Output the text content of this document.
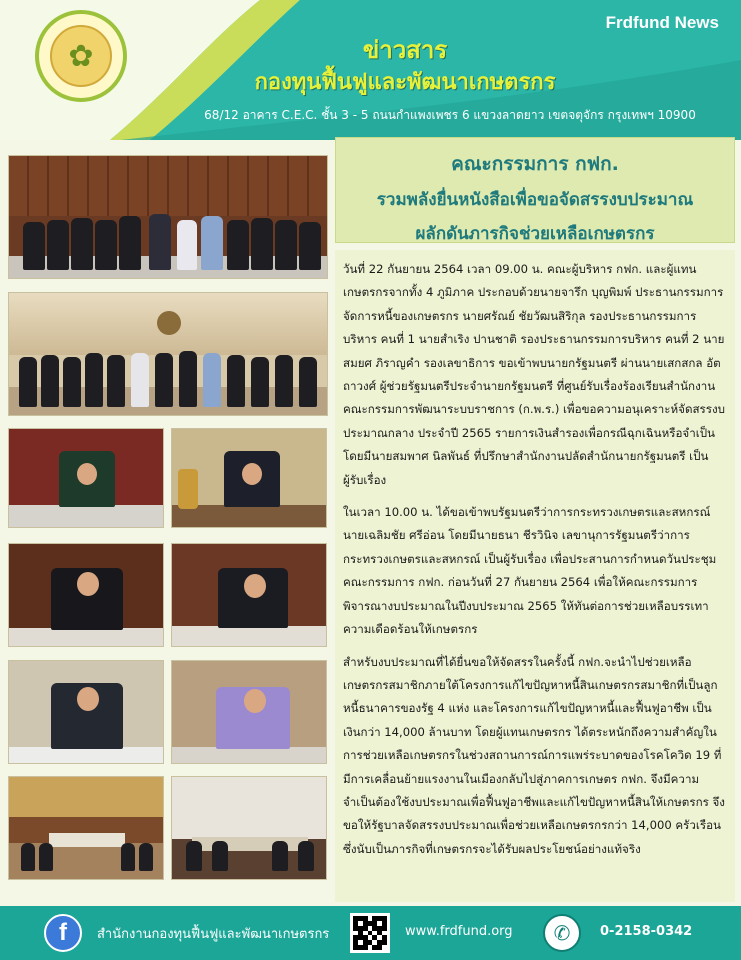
✿
Frdfund News
ข่าวสาร
กองทุนฟื้นฟูและพัฒนาเกษตรกร
68/12 อาคาร C.E.C. ชั้น 3 - 5 ถนนกำแพงเพชร 6 แขวงลาดยาว เขตจตุจักร กรุงเทพฯ 10900
คณะกรรมการ กฟก.
รวมพลังยื่นหนังสือเพื่อขอจัดสรรงบประมาณ
ผลักดันภารกิจช่วยเหลือเกษตรกร

วันที่ 22 กันยายน 2564 เวลา 09.00 น. คณะผู้บริหาร กฟก. และผู้แทนเกษตรกรจากทั้ง 4 ภูมิภาค ประกอบด้วยนายจารึก บุญพิมพ์ ประธานกรรมการจัดการหนี้ของเกษตรกร นายศรัณย์ ชัยวัฒนสิริกุล รองประธานกรรมการบริหาร คนที่ 1 นายสำเริง ปานชาติ รองประธานกรรมการบริหาร คนที่ 2 นายสมยศ ภิราญคำ รองเลขาธิการ ขอเข้าพบนายกรัฐมนตรี ผ่านนายเสกสกล อัตถาวงศ์ ผู้ช่วยรัฐมนตรีประจำนายกรัฐมนตรี ที่ศูนย์รับเรื่องร้องเรียนสำนักงานคณะกรรมการพัฒนาระบบราชการ (ก.พ.ร.) เพื่อขอความอนุเคราะห์จัดสรรงบประมาณกลาง ประจำปี 2565 รายการเงินสำรองเพื่อกรณีฉุกเฉินหรือจำเป็น โดยมีนายสมพาศ นิลพันธ์ ที่ปรึกษาสำนักงานปลัดสำนักนายกรัฐมนตรี เป็นผู้รับเรื่อง

ในเวลา 10.00 น. ได้ขอเข้าพบรัฐมนตรีว่าการกระทรวงเกษตรและสหกรณ์ นายเฉลิมชัย ศรีอ่อน โดยมีนายธนา ชีรวินิจ เลขานุการรัฐมนตรีว่าการกระทรวงเกษตรและสหกรณ์ เป็นผู้รับเรื่อง เพื่อประสานการกำหนดวันประชุมคณะกรรมการ กฟก. ก่อนวันที่ 27 กันยายน 2564 เพื่อให้คณะกรรมการพิจารณางบประมาณในปีงบประมาณ 2565 ให้ทันต่อการช่วยเหลือบรรเทาความเดือดร้อนให้เกษตรกร

สำหรับงบประมาณที่ได้ยื่นขอให้จัดสรรในครั้งนี้ กฟก.จะนำไปช่วยเหลือเกษตรกรสมาชิกภายใต้โครงการแก้ไขปัญหาหนี้สินเกษตรกรสมาชิกที่เป็นลูกหนี้ธนาคารของรัฐ 4 แห่ง และโครงการแก้ไขปัญหาหนี้และฟื้นฟูอาชีพ เป็นเงินกว่า 14,000 ล้านบาท โดยผู้แทนเกษตรกร ได้ตระหนักถึงความสำคัญในการช่วยเหลือเกษตรกรในช่วงสถานการณ์การแพร่ระบาดของโรคโควิด 19 ที่มีการเคลื่อนย้ายแรงงานในเมืองกลับไปสู่ภาคการเกษตร กฟก. จึงมีความจำเป็นต้องใช้งบประมาณเพื่อฟื้นฟูอาชีพและแก้ไขปัญหาหนี้สินให้เกษตรกร จึงขอให้รัฐบาลจัดสรรงบประมาณเพื่อช่วยเหลือเกษตรกรกว่า 14,000 ครัวเรือน ซึ่งนับเป็นภารกิจที่เกษตรกรจะได้รับผลประโยชน์อย่างแท้จริง

f	สำนักงานกองทุนฟื้นฟูและพัฒนาเกษตรกร	www.frdfund.org	✆	0-2158-0342
